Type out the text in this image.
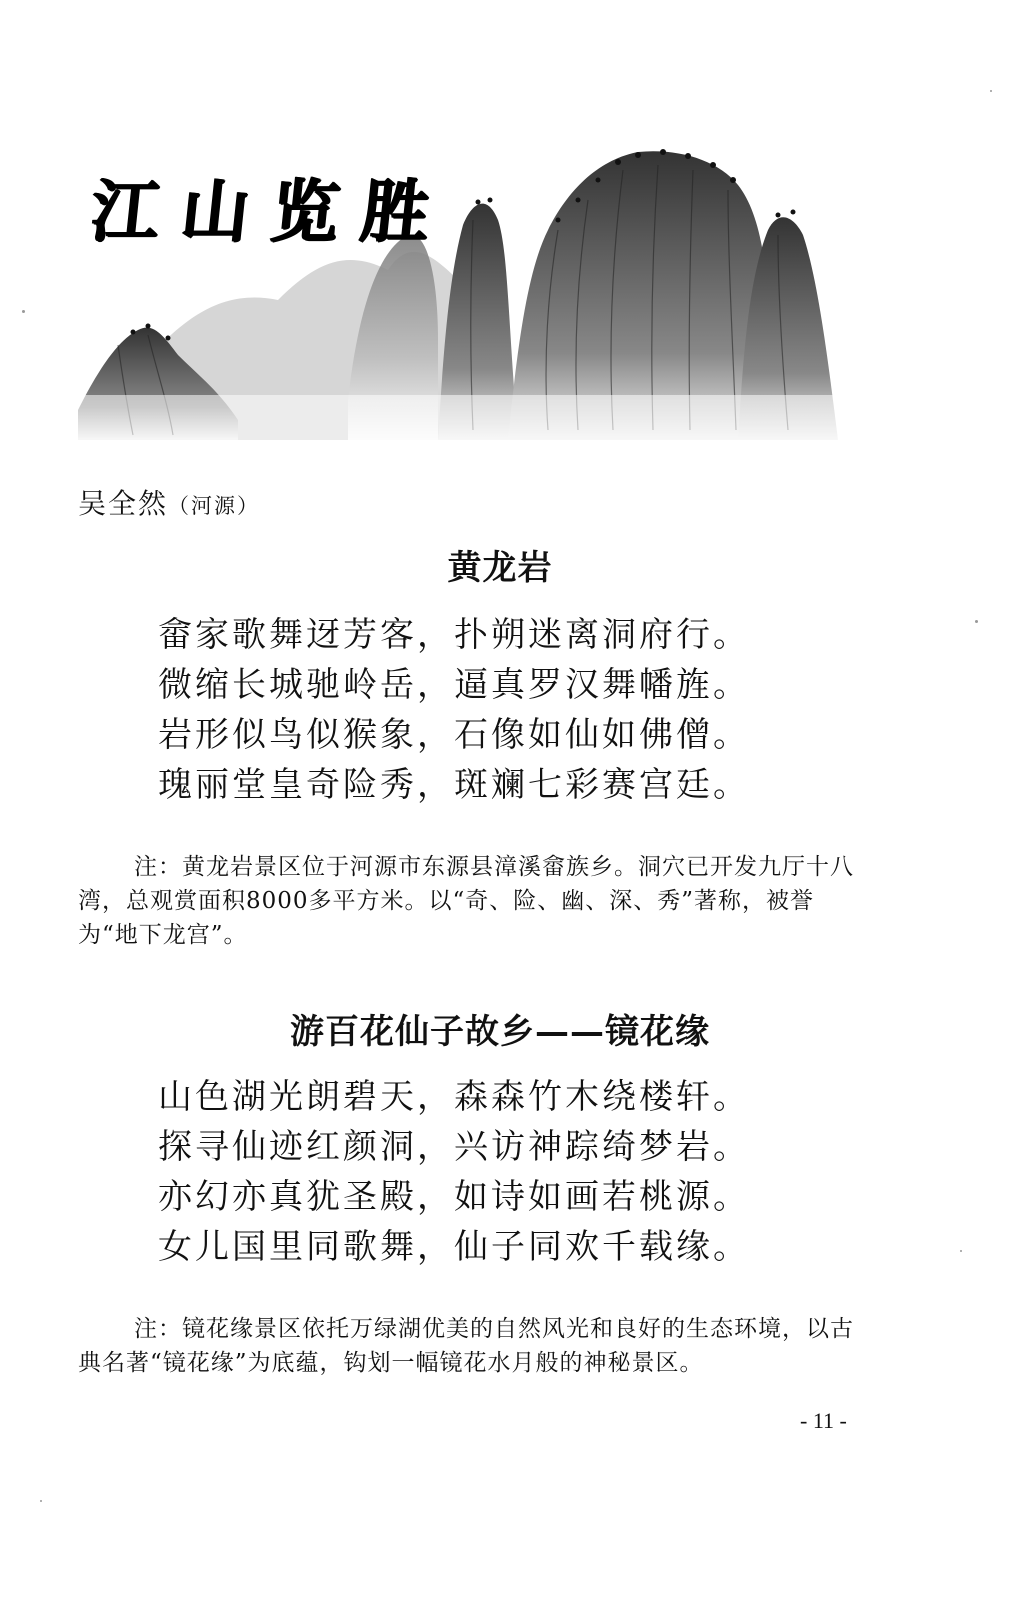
江山览胜
吴全然（河源）
黄龙岩
畲家歌舞迓芳客，扑朔迷离洞府行。
微缩长城驰岭岳，逼真罗汉舞幡旌。
岩形似鸟似猴象，石像如仙如佛僧。
瑰丽堂皇奇险秀，斑斓七彩赛宫廷。
注：黄龙岩景区位于河源市东源县漳溪畲族乡。洞穴已开发九厅十八湾，总观赏面积8000多平方米。以“奇、险、幽、深、秀”著称，被誉为“地下龙宫”。
游百花仙子故乡——镜花缘
山色湖光朗碧天，森森竹木绕楼轩。
探寻仙迹红颜洞，兴访神踪绮梦岩。
亦幻亦真犹圣殿，如诗如画若桃源。
女儿国里同歌舞，仙子同欢千载缘。
注：镜花缘景区依托万绿湖优美的自然风光和良好的生态环境，以古典名著“镜花缘”为底蕴，钩划一幅镜花水月般的神秘景区。
- 11 -
